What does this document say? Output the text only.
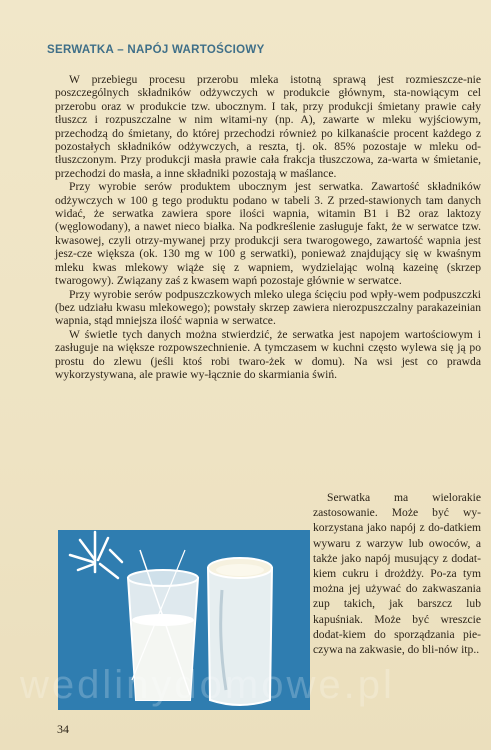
SERWATKA – NAPÓJ WARTOŚCIOWY

W przebiegu procesu przerobu mleka istotną sprawą jest rozmieszcze-nie poszczególnych składników odżywczych w produkcie głównym, sta-nowiącym cel przerobu oraz w produkcie tzw. ubocznym. I tak, przy produkcji śmietany prawie cały tłuszcz i rozpuszczalne w nim witami-ny (np. A), zawarte w mleku wyjściowym, przechodzą do śmietany, do której przechodzi również po kilkanaście procent każdego z pozostałych składników odżywczych, a reszta, tj. ok. 85% pozostaje w mleku od-tłuszczonym. Przy produkcji masła prawie cała frakcja tłuszczowa, za-warta w śmietanie, przechodzi do masła, a inne składniki pozostają w maślance.

Przy wyrobie serów produktem ubocznym jest serwatka. Zawartość składników odżywczych w 100 g tego produktu podano w tabeli 3. Z przed-stawionych tam danych widać, że serwatka zawiera spore ilości wapnia, witamin B1 i B2 oraz laktozy (węglowodany), a nawet nieco białka. Na podkreślenie zasługuje fakt, że w serwatce tzw. kwasowej, czyli otrzy-mywanej przy produkcji sera twarogowego, zawartość wapnia jest jesz-cze większa (ok. 130 mg w 100 g serwatki), ponieważ znajdujący się w kwaśnym mleku kwas mlekowy wiąże się z wapniem, wydzielając wolną kazeinę (skrzep twarogowy). Związany zaś z kwasem wapń pozostaje głównie w serwatce.

Przy wyrobie serów podpuszczkowych mleko ulega ścięciu pod wpły-wem podpuszczki (bez udziału kwasu mlekowego); powstały skrzep zawiera nierozpuszczalny parakazeinian wapnia, stąd mniejsza ilość wapnia w serwatce.

W świetle tych danych można stwierdzić, że serwatka jest napojem wartościowym i zasługuje na większe rozpowszechnienie. A tymczasem w kuchni często wylewa się ją po prostu do zlewu (jeśli ktoś robi twaro-żek w domu). Na wsi jest co prawda wykorzystywana, ale prawie wy-łącznie do skarmiania świń.

Serwatka ma wielorakie zastosowanie. Może być wy-korzystana jako napój z do-datkiem wywaru z warzyw lub owoców, a także jako napój musujący z dodat-kiem cukru i drożdży. Po-za tym można jej używać do zakwaszania zup takich, jak barszcz lub kapuśniak. Może być wreszcie dodat-kiem do sporządzania pie-czywa na zakwasie, do bli-nów itp..

wedlinydomowe.pl
34
